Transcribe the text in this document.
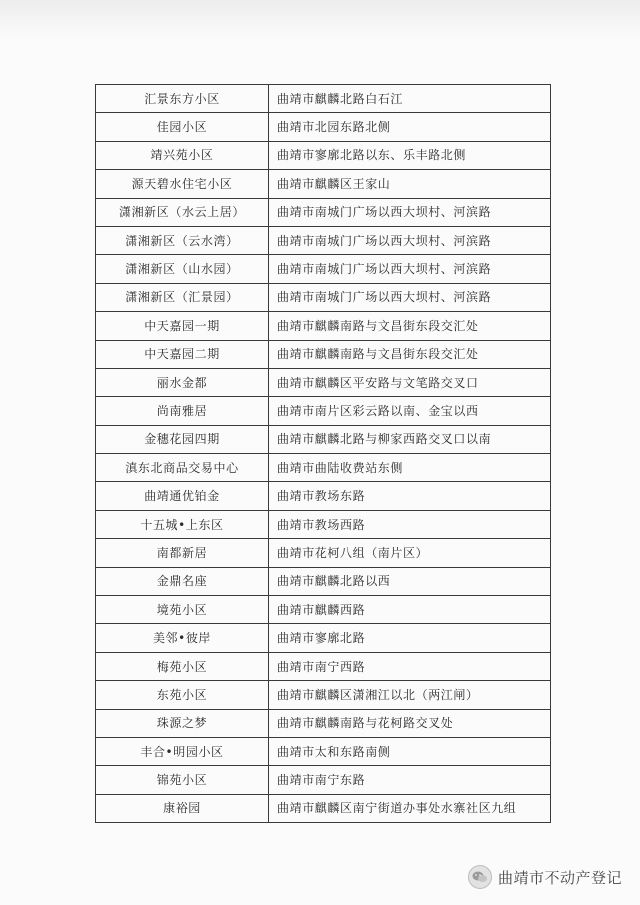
汇景东方小区	曲靖市麒麟北路白石江
佳园小区	曲靖市北园东路北侧
靖兴苑小区	曲靖市寥廓北路以东、乐丰路北侧
源天碧水住宅小区	曲靖市麒麟区王家山
潇湘新区（水云上居）	曲靖市南城门广场以西大坝村、河滨路
潇湘新区（云水湾）	曲靖市南城门广场以西大坝村、河滨路
潇湘新区（山水园）	曲靖市南城门广场以西大坝村、河滨路
潇湘新区（汇景园）	曲靖市南城门广场以西大坝村、河滨路
中天嘉园一期	曲靖市麒麟南路与文昌街东段交汇处
中天嘉园二期	曲靖市麒麟南路与文昌街东段交汇处
丽水金都	曲靖市麒麟区平安路与文笔路交叉口
尚南雅居	曲靖市南片区彩云路以南、金宝以西
金穗花园四期	曲靖市麒麟北路与柳家西路交叉口以南
滇东北商品交易中心	曲靖市曲陆收费站东侧
曲靖通优铂金	曲靖市教场东路
十五城•上东区	曲靖市教场西路
南都新居	曲靖市花柯八组（南片区）
金鼎名座	曲靖市麒麟北路以西
境苑小区	曲靖市麒麟西路
美邻•彼岸	曲靖市寥廓北路
梅苑小区	曲靖市南宁西路
东苑小区	曲靖市麒麟区潇湘江以北（两江闸）
珠源之梦	曲靖市麒麟南路与花柯路交叉处
丰合•明园小区	曲靖市太和东路南侧
锦苑小区	曲靖市南宁东路
康裕园	曲靖市麒麟区南宁街道办事处水寨社区九组
曲靖市不动产登记
